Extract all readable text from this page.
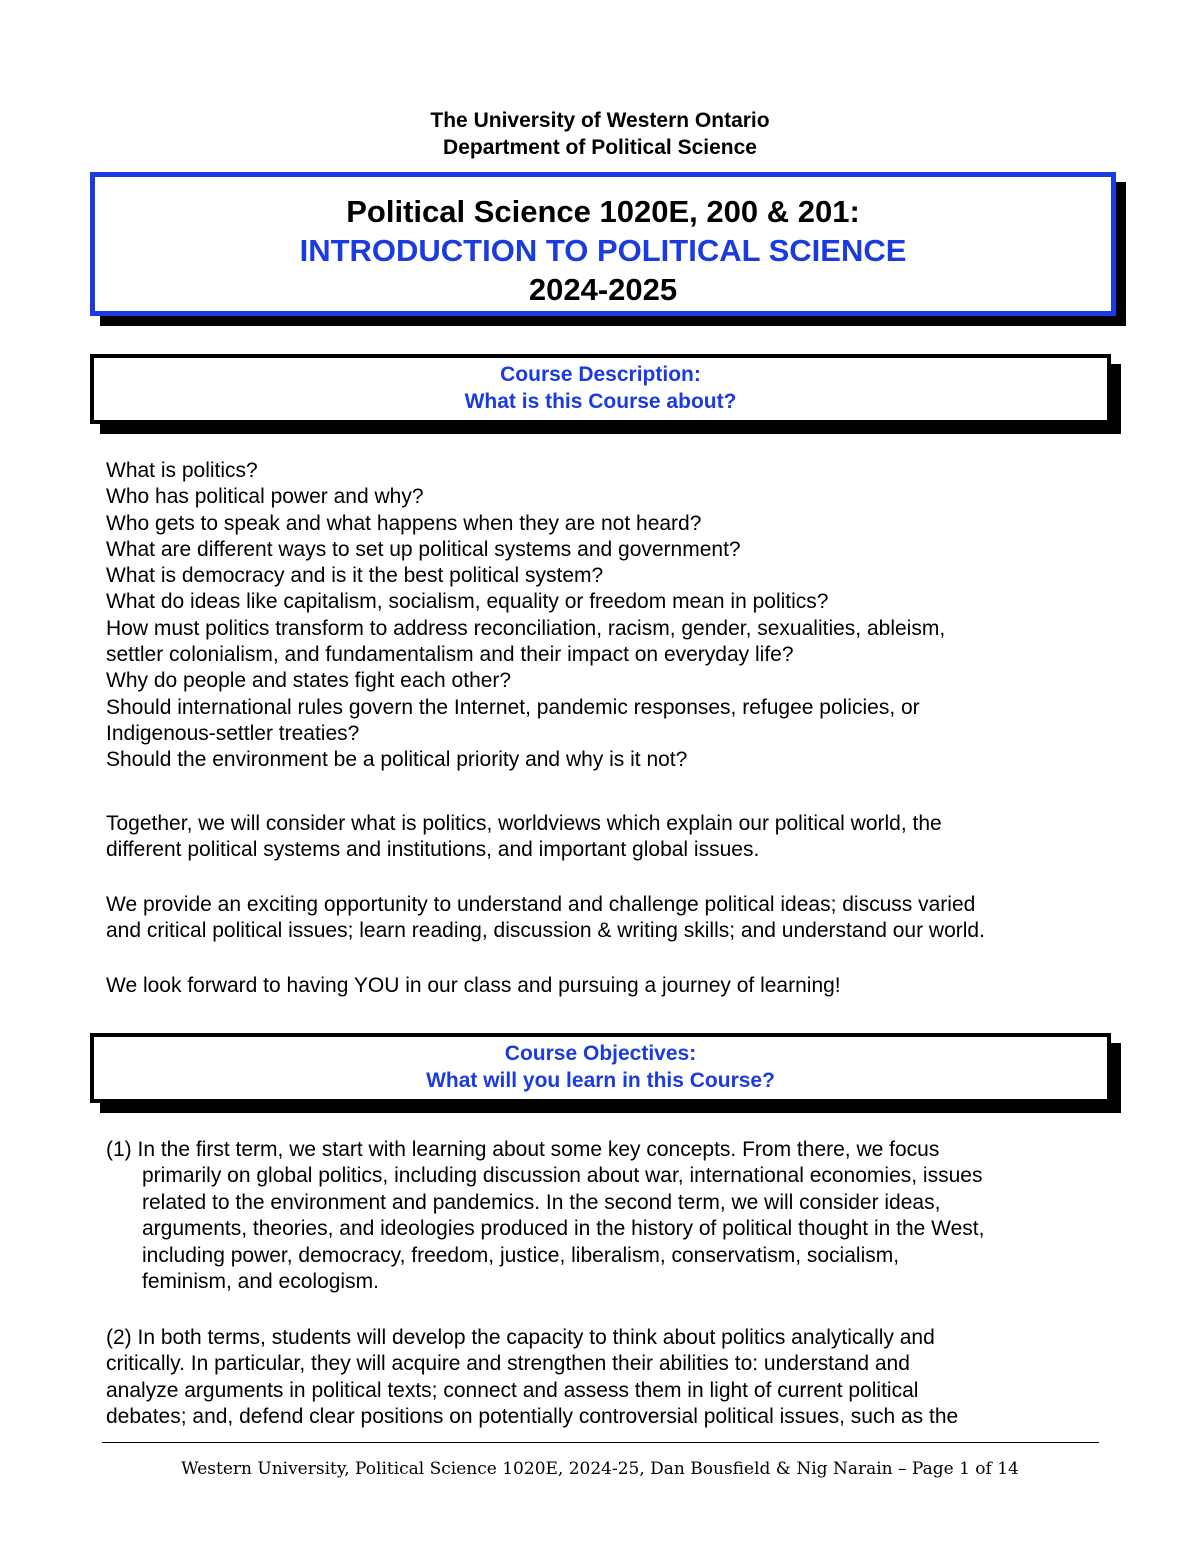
The University of Western Ontario
Department of Political Science
Political Science 1020E, 200 & 201:
INTRODUCTION TO POLITICAL SCIENCE
2024-2025
Course Description:
What is this Course about?
What is politics?
Who has political power and why?
Who gets to speak and what happens when they are not heard?
What are different ways to set up political systems and government?
What is democracy and is it the best political system?
What do ideas like capitalism, socialism, equality or freedom mean in politics?
How must politics transform to address reconciliation, racism, gender, sexualities, ableism,
settler colonialism, and fundamentalism and their impact on everyday life?
Why do people and states fight each other?
Should international rules govern the Internet, pandemic responses, refugee policies, or
Indigenous-settler treaties?
Should the environment be a political priority and why is it not?
Together, we will consider what is politics, worldviews which explain our political world, the
different political systems and institutions, and important global issues.
We provide an exciting opportunity to understand and challenge political ideas; discuss varied
and critical political issues; learn reading, discussion & writing skills; and understand our world.
We look forward to having YOU in our class and pursuing a journey of learning!
Course Objectives:
What will you learn in this Course?
(1) In the first term, we start with learning about some key concepts. From there, we focus
primarily on global politics, including discussion about war, international economies, issues
related to the environment and pandemics. In the second term, we will consider ideas,
arguments, theories, and ideologies produced in the history of political thought in the West,
including power, democracy, freedom, justice, liberalism, conservatism, socialism,
feminism, and ecologism.
(2) In both terms, students will develop the capacity to think about politics analytically and
critically. In particular, they will acquire and strengthen their abilities to: understand and
analyze arguments in political texts; connect and assess them in light of current political
debates; and, defend clear positions on potentially controversial political issues, such as the
Western University, Political Science 1020E, 2024-25, Dan Bousfield & Nig Narain – Page 1 of 14
